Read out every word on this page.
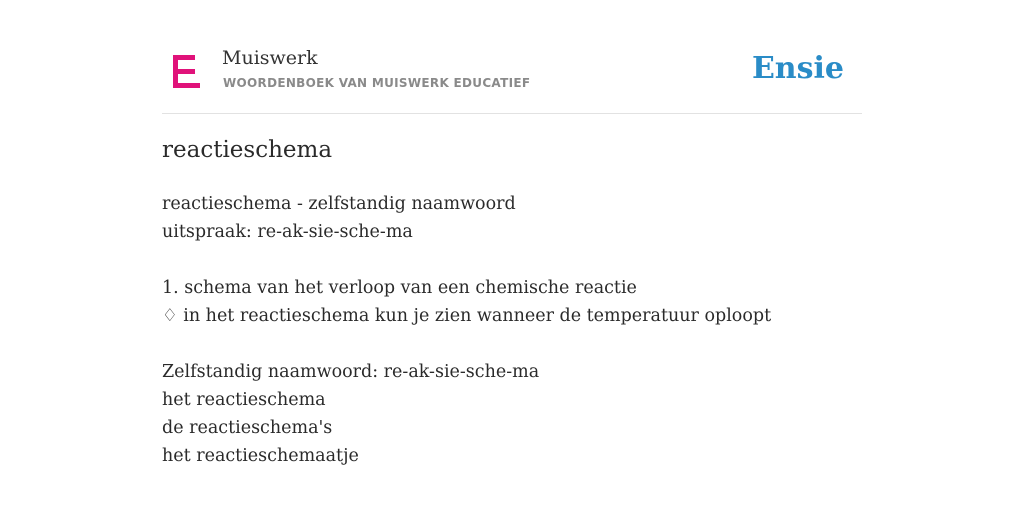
Muiswerk
WOORDENBOEK VAN MUISWERK EDUCATIEF	Ensie
reactieschema
reactieschema - zelfstandig naamwoord
uitspraak: re-ak-sie-sche-ma
1. schema van het verloop van een chemische reactie
♢ in het reactieschema kun je zien wanneer de temperatuur oploopt
Zelfstandig naamwoord: re-ak-sie-sche-ma
het reactieschema
de reactieschema's
het reactieschemaatje
